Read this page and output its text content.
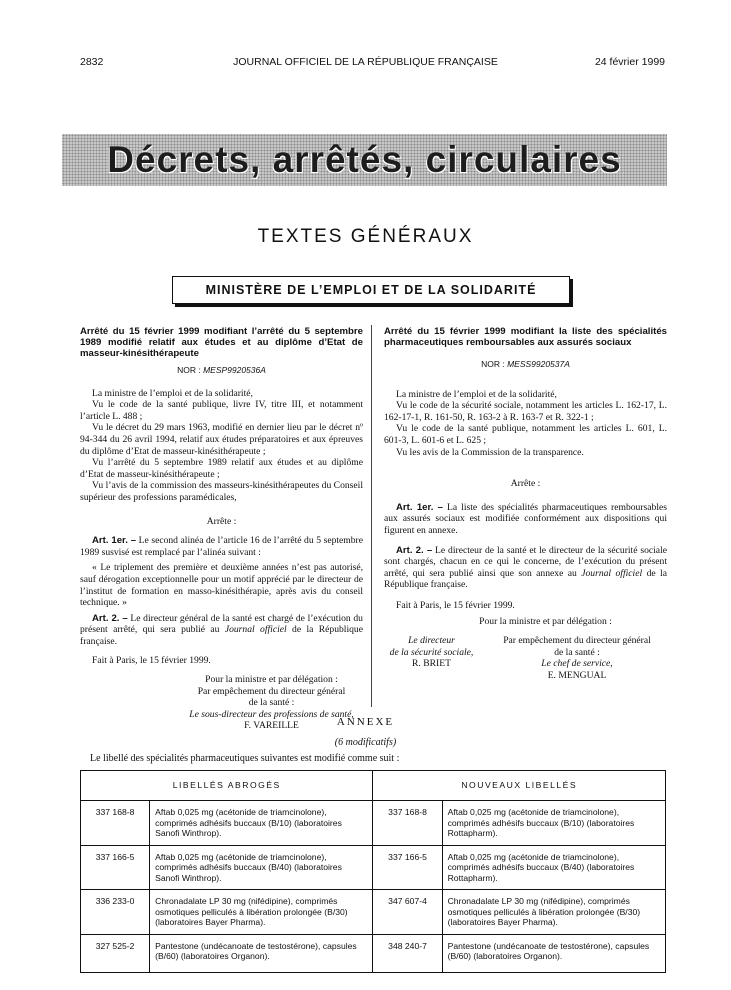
2832	JOURNAL OFFICIEL DE LA RÉPUBLIQUE FRANÇAISE	24 février 1999
Décrets, arrêtés, circulaires
TEXTES GÉNÉRAUX
MINISTÈRE DE L’EMPLOI ET DE LA SOLIDARITÉ

Arrêté du 15 février 1999 modifiant l’arrêté du 5 septembre 1989 modifié relatif aux études et au diplôme d’Etat de masseur-kinésithérapeute

NOR : MESP9920536A

La ministre de l’emploi et de la solidarité,

Vu le code de la santé publique, livre IV, titre III, et notamment l’article L. 488 ;

Vu le décret du 29 mars 1963, modifié en dernier lieu par le décret nº 94-344 du 26 avril 1994, relatif aux études préparatoires et aux épreuves du diplôme d’Etat de masseur-kinésithérapeute ;

Vu l’arrêté du 5 septembre 1989 relatif aux études et au diplôme d’Etat de masseur-kinésithérapeute ;

Vu l’avis de la commission des masseurs-kinésithérapeutes du Conseil supérieur des professions paramédicales,

Arrête :

Art. 1er. – Le second alinéa de l’article 16 de l’arrêté du 5 septembre 1989 susvisé est remplacé par l’alinéa suivant :

« Le triplement des première et deuxième années n’est pas autorisé, sauf dérogation exceptionnelle pour un motif apprécié par le directeur de l’institut de formation en masso-kinésithérapie, après avis du conseil technique. »

Art. 2. – Le directeur général de la santé est chargé de l’exécution du présent arrêté, qui sera publié au Journal officiel de la République française.

Fait à Paris, le 15 février 1999.

Pour la ministre et par délégation :
Par empêchement du directeur général
de la santé :
Le sous-directeur des professions de santé,
F. VAREILLE

Arrêté du 15 février 1999 modifiant la liste des spécialités pharmaceutiques remboursables aux assurés sociaux

NOR : MESS9920537A

La ministre de l’emploi et de la solidarité,

Vu le code de la sécurité sociale, notamment les articles L. 162-17, L. 162-17-1, R. 161-50, R. 163-2 à R. 163-7 et R. 322-1 ;

Vu le code de la santé publique, notamment les articles L. 601, L. 601-3, L. 601-6 et L. 625 ;

Vu les avis de la Commission de la transparence.

Arrête :

Art. 1er. – La liste des spécialités pharmaceutiques remboursables aux assurés sociaux est modifiée conformément aux dispositions qui figurent en annexe.

Art. 2. – Le directeur de la santé et le directeur de la sécurité sociale sont chargés, chacun en ce qui le concerne, de l’exécution du présent arrêté, qui sera publié ainsi que son annexe au Journal officiel de la République française.

Fait à Paris, le 15 février 1999.

Pour la ministre et par délégation :

Le directeur
de la sécurité sociale,
R. BRIET
Par empêchement du directeur général
de la santé :
Le chef de service,
E. MENGUAL
ANNEXE
(6 modificatifs)
Le libellé des spécialités pharmaceutiques suivantes est modifié comme suit :
LIBELLÉS ABROGÉS		NOUVEAUX LIBELLÉS	
337 168-8	Aftab 0,025 mg (acétonide de triamcinolone), comprimés adhésifs buccaux (B/10) (laboratoires Sanofi Winthrop).	337 168-8	Aftab 0,025 mg (acétonide de triamcinolone), comprimés adhésifs buccaux (B/10) (laboratoires Rottapharm).
337 166-5	Aftab 0,025 mg (acétonide de triamcinolone), comprimés adhésifs buccaux (B/40) (laboratoires Sanofi Winthrop).	337 166-5	Aftab 0,025 mg (acétonide de triamcinolone), comprimés adhésifs buccaux (B/40) (laboratoires Rottapharm).
336 233-0	Chronadalate LP 30 mg (nifédipine), comprimés osmotiques pelliculés à libération prolongée (B/30) (laboratoires Bayer Pharma).	347 607-4	Chronadalate LP 30 mg (nifédipine), comprimés osmotiques pelliculés à libération prolongée (B/30) (laboratoires Bayer Pharma).
327 525-2	Pantestone (undécanoate de testostérone), capsules (B/60) (laboratoires Organon).	348 240-7	Pantestone (undécanoate de testostérone), capsules (B/60) (laboratoires Organon).
